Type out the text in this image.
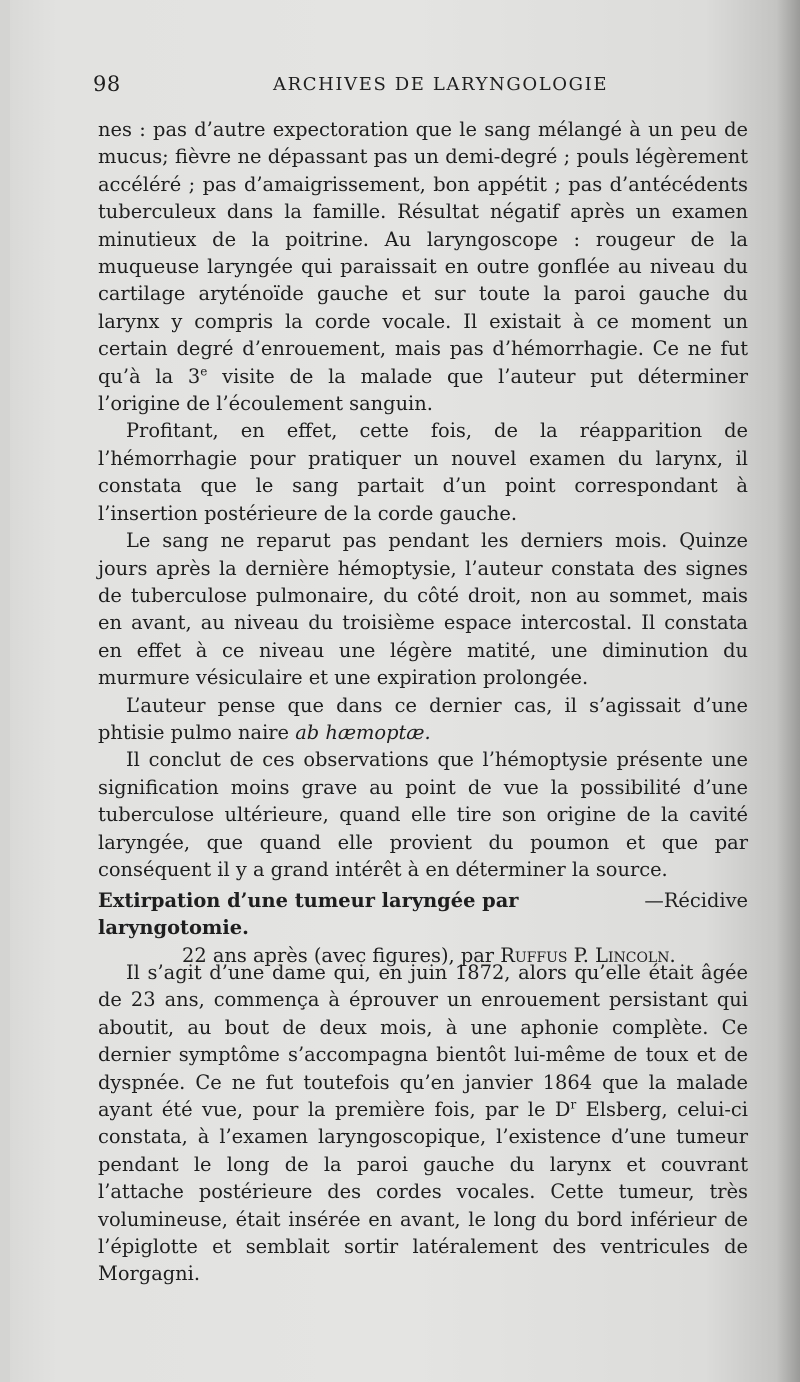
98	ARCHIVES DE LARYNGOLOGIE

nes : pas d’autre expectoration que le sang mélangé à un peu de mucus; fièvre ne dépassant pas un demi-degré ; pouls légèrement accéléré ; pas d’amaigrissement, bon appétit ; pas d’antécédents tuberculeux dans la famille. Résultat négatif après un examen minutieux de la poitrine. Au laryngoscope : rougeur de la muqueuse laryngée qui paraissait en outre gonflée au niveau du cartilage aryténoïde gauche et sur toute la paroi gauche du larynx y compris la corde vocale. Il existait à ce moment un certain degré d’enrouement, mais pas d’hémorrhagie. Ce ne fut qu’à la 3e visite de la malade que l’auteur put déterminer l’origine de l’écoulement sanguin.

Profitant, en effet, cette fois, de la réapparition de l’hémorrhagie pour pratiquer un nouvel examen du larynx, il constata que le sang partait d’un point correspondant à l’insertion postérieure de la corde gauche.

Le sang ne reparut pas pendant les derniers mois. Quinze jours après la dernière hémoptysie, l’auteur constata des signes de tuberculose pulmonaire, du côté droit, non au sommet, mais en avant, au niveau du troisième espace intercostal. Il constata en effet à ce niveau une légère matité, une diminution du murmure vésiculaire et une expiration prolongée.

L’auteur pense que dans ce dernier cas, il s’agissait d’une phtisie pulmo naire ab hæmoptæ.

Il conclut de ces observations que l’hémoptysie présente une signification moins grave au point de vue la possibilité d’une tuberculose ultérieure, quand elle tire son origine de la cavité laryngée, que quand elle provient du poumon et que par conséquent il y a grand intérêt à en déterminer la source.

Extirpation d’une tumeur laryngée par laryngotomie.
— Récidive
22 ans après (avec figures), par Ruffus P. Lincoln.

Il s’agit d’une dame qui, en juin 1872, alors qu’elle était âgée de 23 ans, commença à éprouver un enrouement persistant qui aboutit, au bout de deux mois, à une aphonie complète. Ce dernier symptôme s’accompagna bientôt lui-même de toux et de dyspnée. Ce ne fut toutefois qu’en janvier 1864 que la malade ayant été vue, pour la première fois, par le $D^r$ Elsberg, celui-ci constata, à l’examen laryngoscopique, l’existence d’une tumeur pendant le long de la paroi gauche du larynx et couvrant l’attache postérieure des cordes vocales. Cette tumeur, très volumineuse, était insérée en avant, le long du bord inférieur de l’épiglotte et semblait sortir latéralement des ventricules de Morgagni.
